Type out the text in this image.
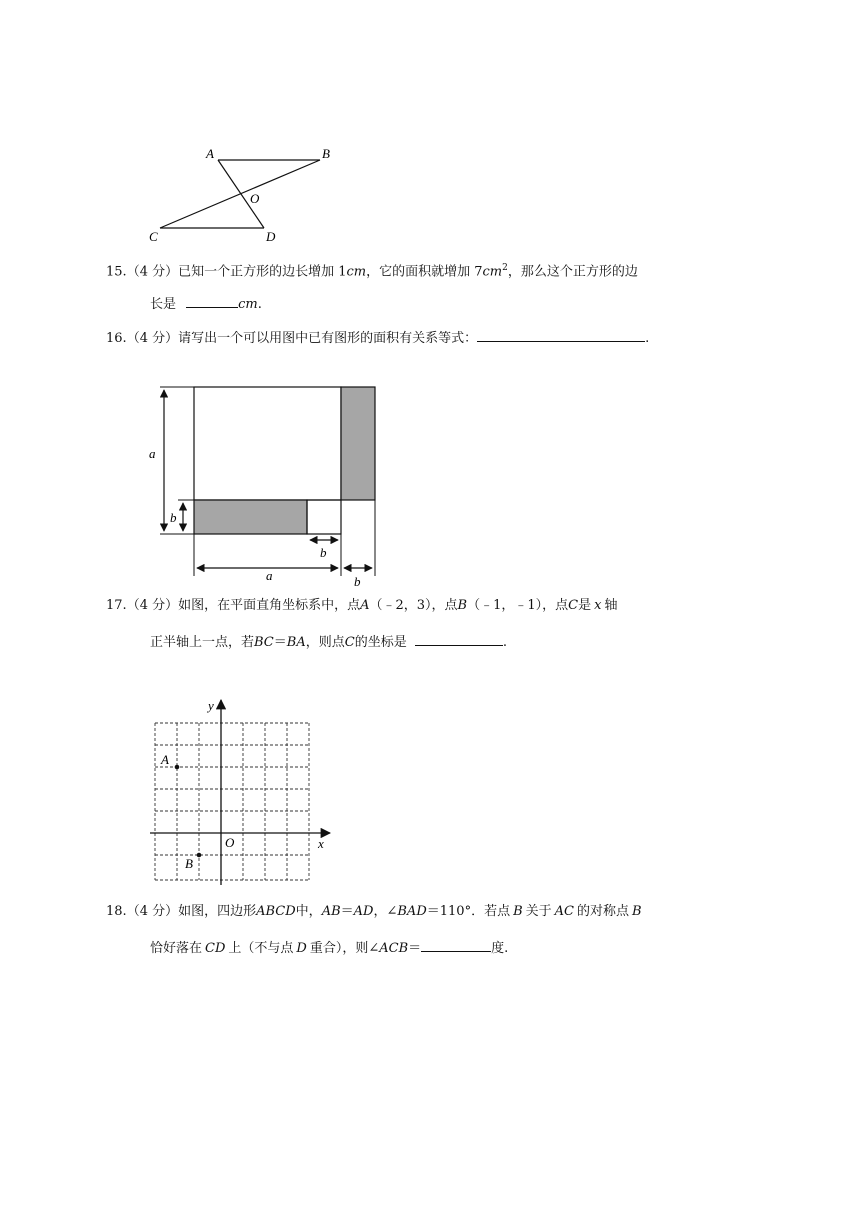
A	B
O
C	D
15.（4 分）已知一个正方形的边长增加 1cm，它的面积就增加 $7cm^2$，那么这个正方形的边
长是	cm.
16.（4 分）请写出一个可以用图中已有图形的面积有关系等式：	.
a
b
b
a	b
17.（4 分）如图，在平面直角坐标系中，点A（﹣2，3），点B（﹣1，﹣1），点C是 x 轴
正半轴上一点，若BC＝BA，则点C的坐标是	.
y
x
O
A
B
18.（4 分）如图，四边形ABCD中，AB＝AD，∠BAD＝110°．若点 B 关于 AC 的对称点 B
恰好落在 CD 上（不与点 D 重合），则∠ACB＝	度.
